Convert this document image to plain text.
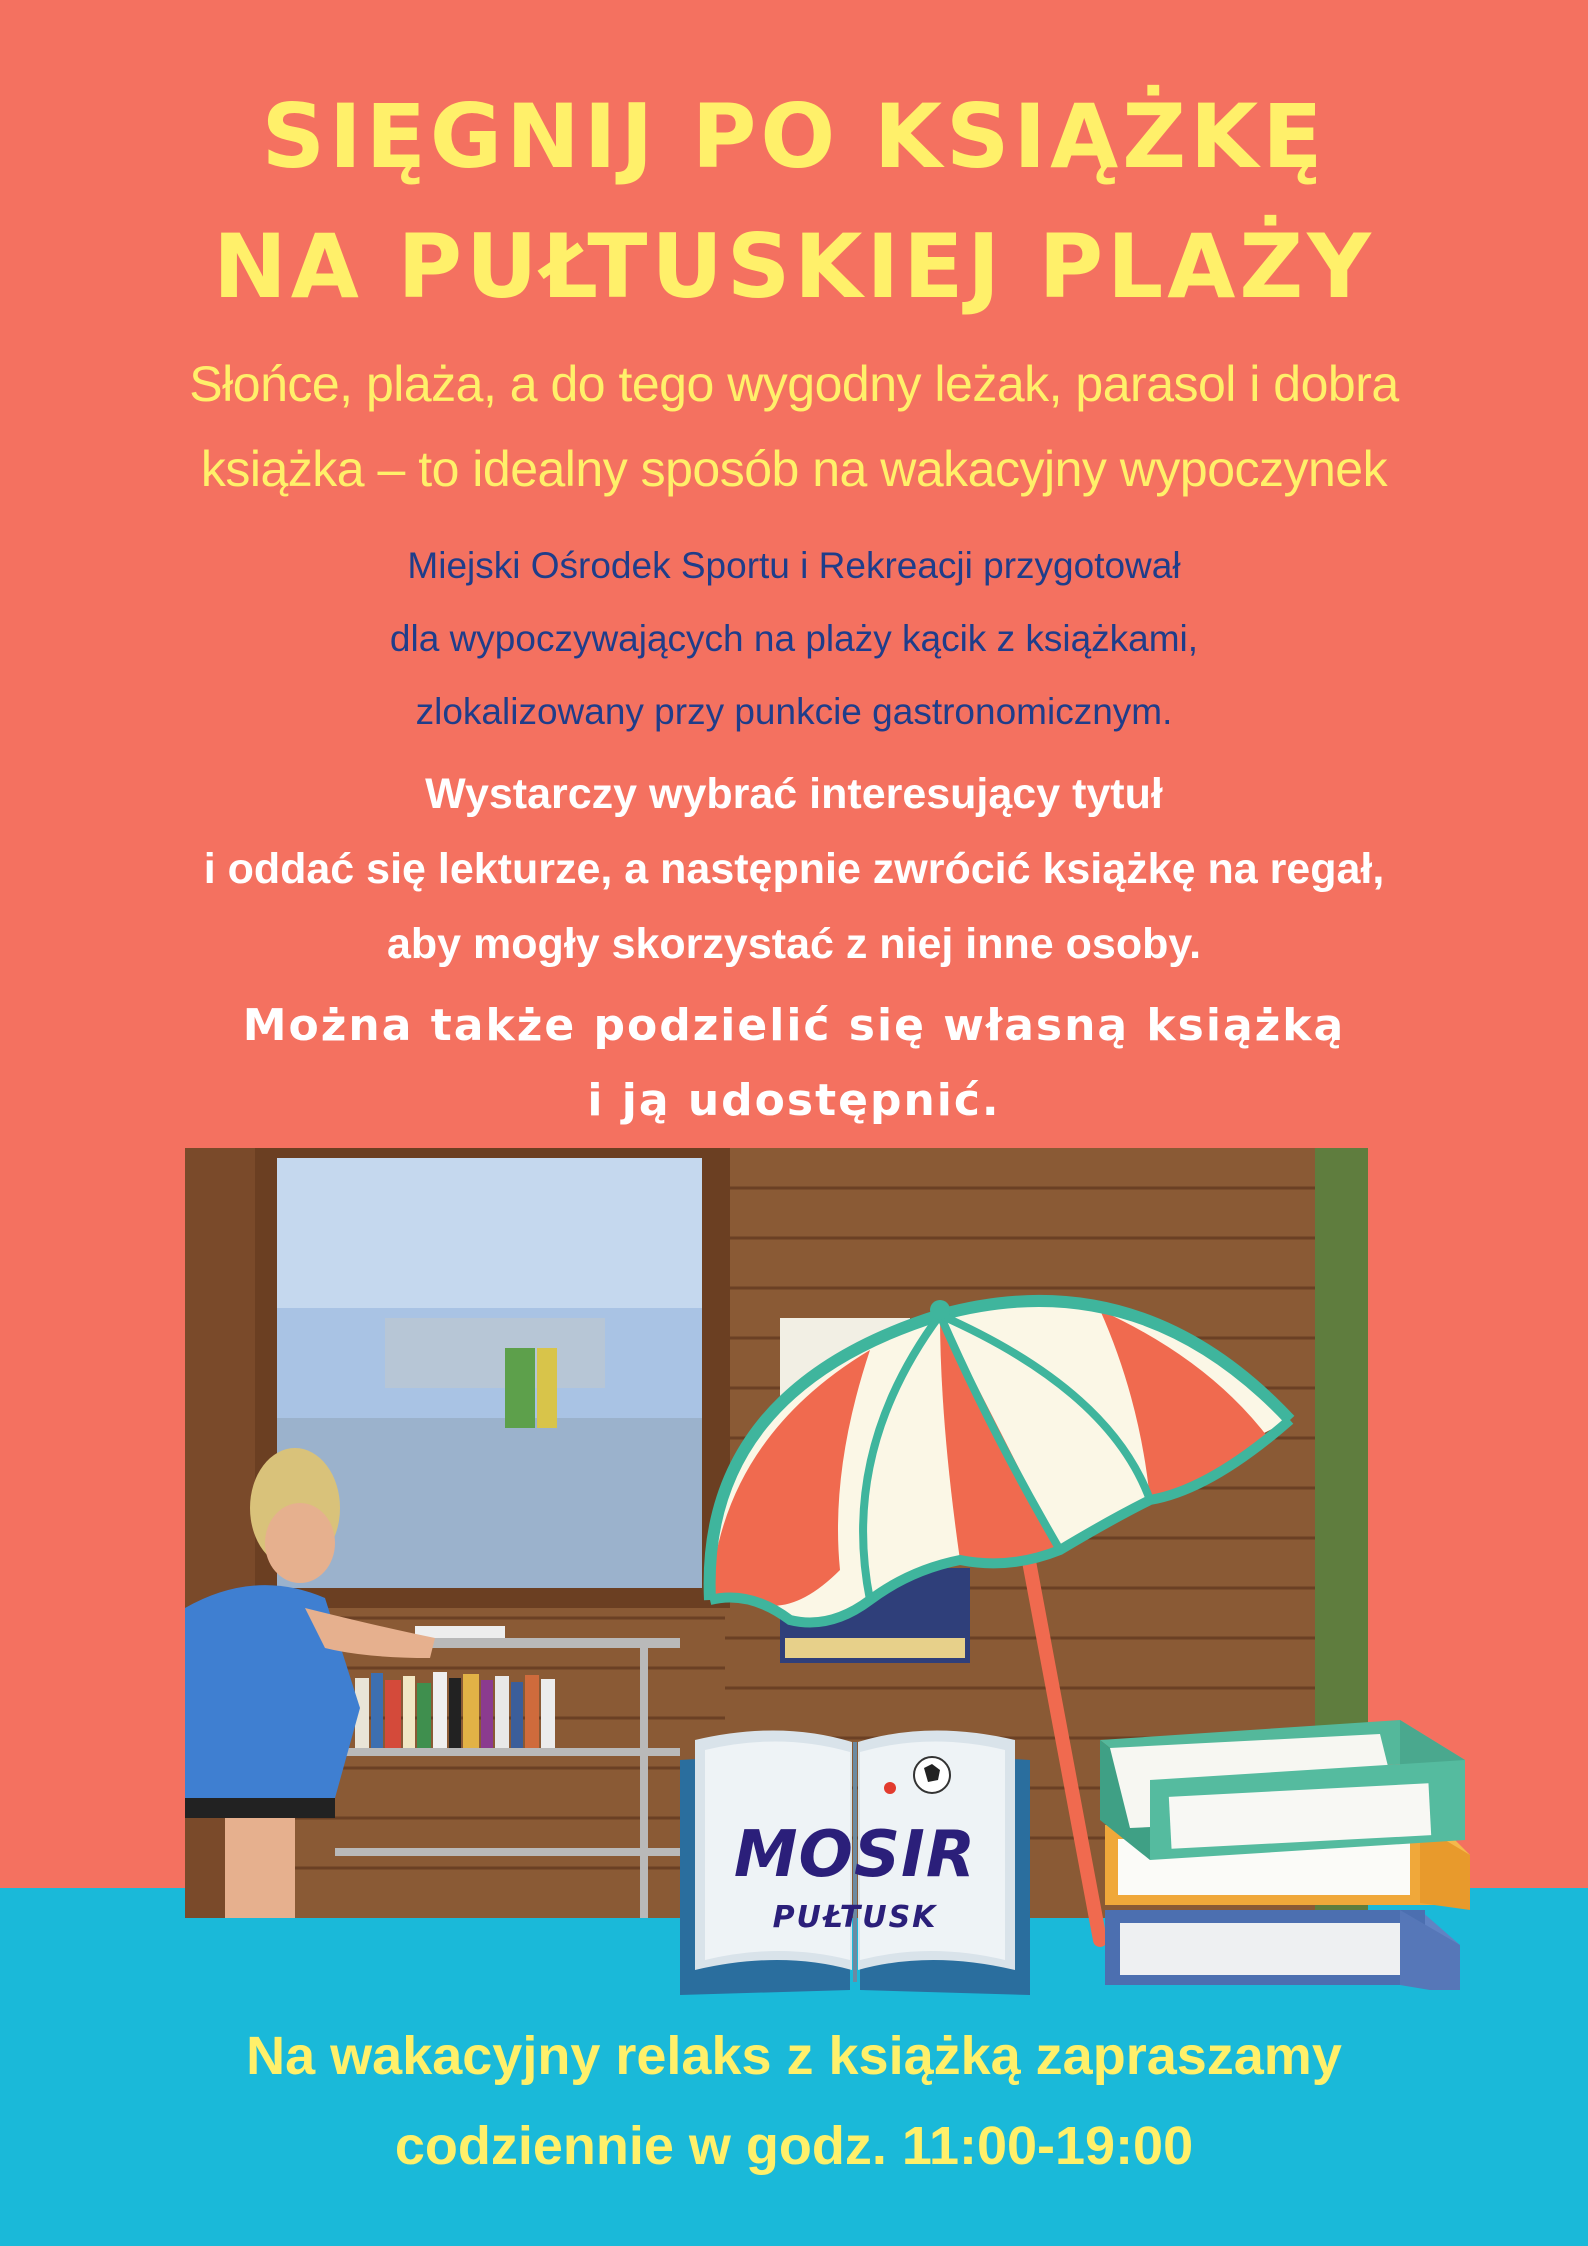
SIĘGNIJ PO KSIĄŻKĘ
NA PUŁTUSKIEJ PLAŻY
Słońce, plaża, a do tego wygodny leżak, parasol i dobra
książka – to idealny sposób na wakacyjny wypoczynek
Miejski Ośrodek Sportu i Rekreacji przygotował
dla wypoczywających na plaży kącik z książkami,
zlokalizowany przy punkcie gastronomicznym.
Wystarczy wybrać interesujący tytuł
i oddać się lekturze, a następnie zwrócić książkę na regał,
aby mogły skorzystać z niej inne osoby.
Można także podzielić się własną książką
i ją udostępnić.
MOSIR
PUŁTUSK
Na wakacyjny relaks z książką zapraszamy
codziennie w godz. 11:00-19:00
